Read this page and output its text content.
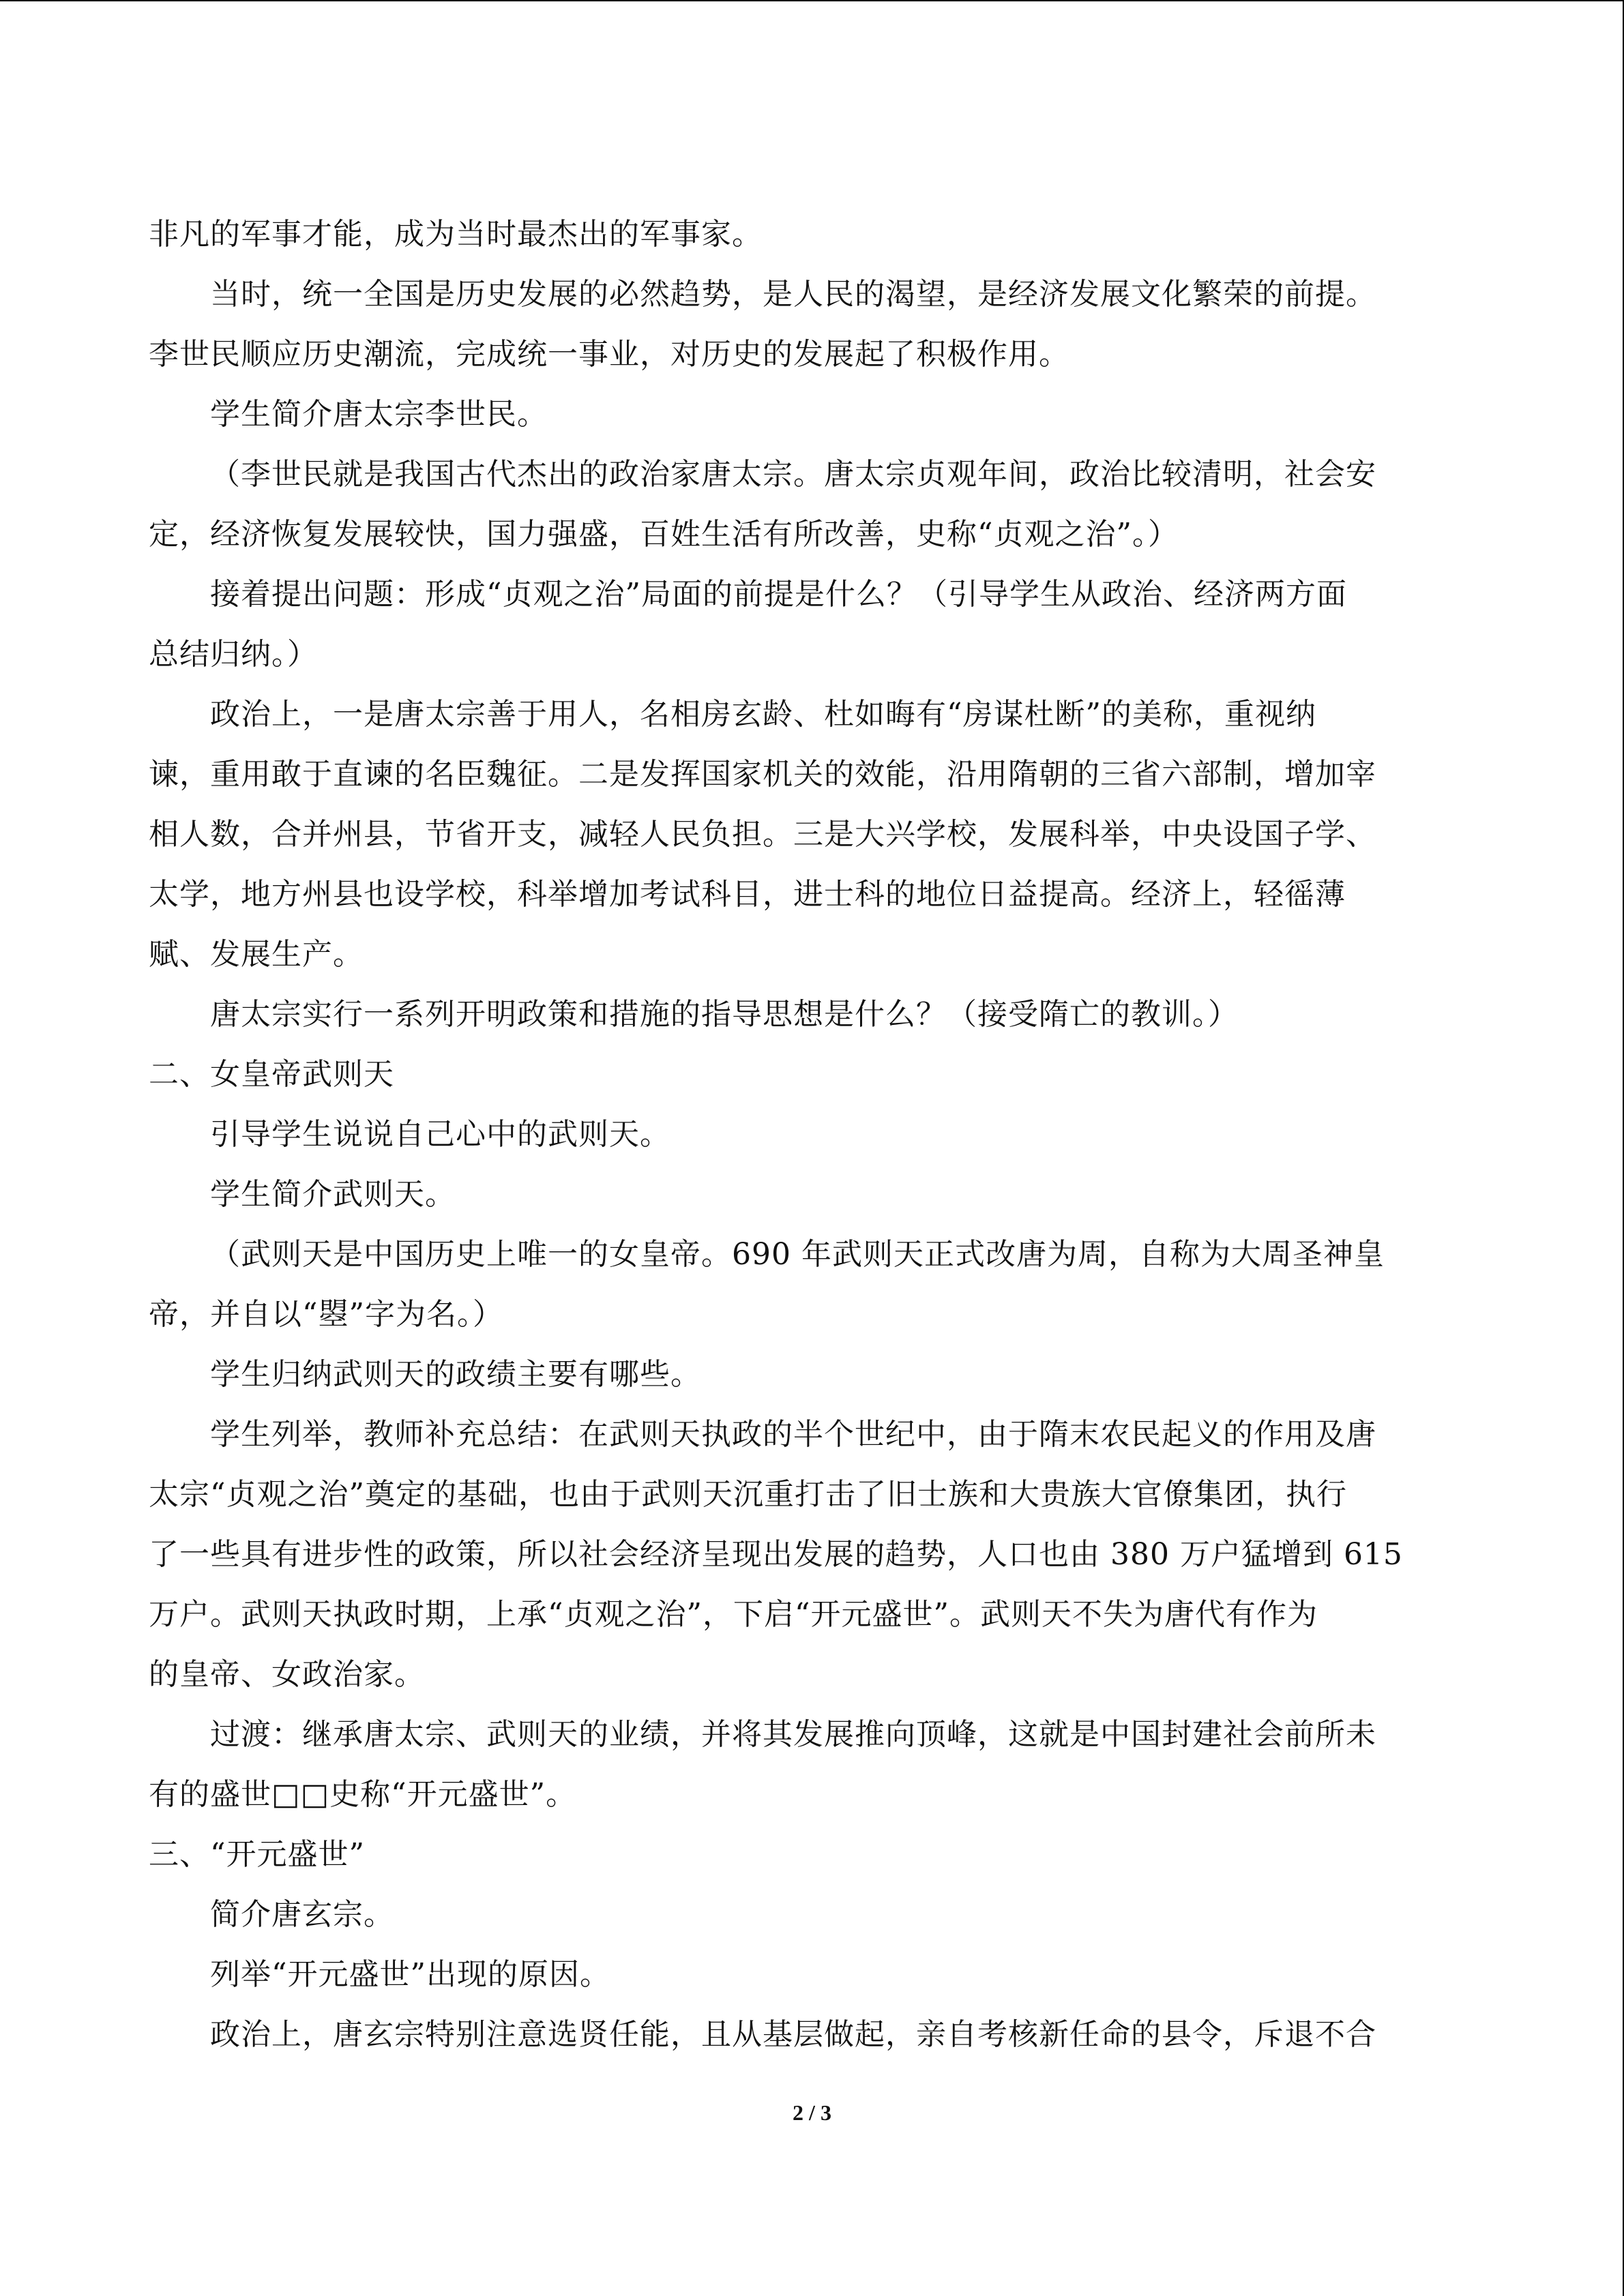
非凡的军事才能，成为当时最杰出的军事家。
当时，统一全国是历史发展的必然趋势，是人民的渴望，是经济发展文化繁荣的前提。
李世民顺应历史潮流，完成统一事业，对历史的发展起了积极作用。
学生简介唐太宗李世民。
（李世民就是我国古代杰出的政治家唐太宗。唐太宗贞观年间，政治比较清明，社会安
定，经济恢复发展较快，国力强盛，百姓生活有所改善，史称“贞观之治”。）
接着提出问题：形成“贞观之治”局面的前提是什么？（引导学生从政治、经济两方面
总结归纳。）
政治上，一是唐太宗善于用人，名相房玄龄、杜如晦有“房谋杜断”的美称，重视纳
谏，重用敢于直谏的名臣魏征。二是发挥国家机关的效能，沿用隋朝的三省六部制，增加宰
相人数，合并州县，节省开支，减轻人民负担。三是大兴学校，发展科举，中央设国子学、
太学，地方州县也设学校，科举增加考试科目，进士科的地位日益提高。经济上，轻徭薄
赋、发展生产。
唐太宗实行一系列开明政策和措施的指导思想是什么？（接受隋亡的教训。）
二、女皇帝武则天
引导学生说说自己心中的武则天。
学生简介武则天。
（武则天是中国历史上唯一的女皇帝。690 年武则天正式改唐为周，自称为大周圣神皇
帝，并自以“曌”字为名。）
学生归纳武则天的政绩主要有哪些。
学生列举，教师补充总结：在武则天执政的半个世纪中，由于隋末农民起义的作用及唐
太宗“贞观之治”奠定的基础，也由于武则天沉重打击了旧士族和大贵族大官僚集团，执行
了一些具有进步性的政策，所以社会经济呈现出发展的趋势，人口也由 380 万户猛增到 615
万户。武则天执政时期，上承“贞观之治”，下启“开元盛世”。武则天不失为唐代有作为
的皇帝、女政治家。
过渡：继承唐太宗、武则天的业绩，并将其发展推向顶峰，这就是中国封建社会前所未
有的盛世□□史称“开元盛世”。
三、“开元盛世”
简介唐玄宗。
列举“开元盛世”出现的原因。
政治上，唐玄宗特别注意选贤任能，且从基层做起，亲自考核新任命的县令，斥退不合
2 / 3
